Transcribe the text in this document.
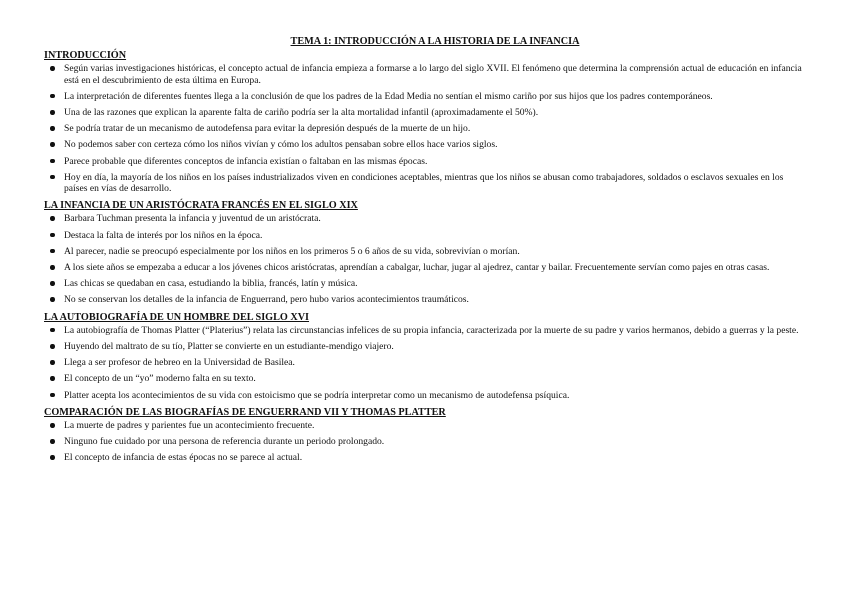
TEMA 1: INTRODUCCIÓN A LA HISTORIA DE LA INFANCIA
INTRODUCCIÓN
Según varias investigaciones históricas, el concepto actual de infancia empieza a formarse a lo largo del siglo XVII. El fenómeno que determina la comprensión actual de educación en infancia está en el descubrimiento de esta última en Europa.
La interpretación de diferentes fuentes llega a la conclusión de que los padres de la Edad Media no sentían el mismo cariño por sus hijos que los padres contemporáneos.
Una de las razones que explican la aparente falta de cariño podría ser la alta mortalidad infantil (aproximadamente el 50%).
Se podría tratar de un mecanismo de autodefensa para evitar la depresión después de la muerte de un hijo.
No podemos saber con certeza cómo los niños vivían y cómo los adultos pensaban sobre ellos hace varios siglos.
Parece probable que diferentes conceptos de infancia existían o faltaban en las mismas épocas.
Hoy en día, la mayoría de los niños en los países industrializados viven en condiciones aceptables, mientras que los niños se abusan como trabajadores, soldados o esclavos sexuales en los países en vías de desarrollo.
LA INFANCIA DE UN ARISTÓCRATA FRANCÉS EN EL SIGLO XIX
Barbara Tuchman presenta la infancia y juventud de un aristócrata.
Destaca la falta de interés por los niños en la época.
Al parecer, nadie se preocupó especialmente por los niños en los primeros 5 o 6 años de su vida, sobrevivían o morían.
A los siete años se empezaba a educar a los jóvenes chicos aristócratas, aprendían a cabalgar, luchar, jugar al ajedrez, cantar y bailar. Frecuentemente servían como pajes en otras casas.
Las chicas se quedaban en casa, estudiando la biblia, francés, latín y música.
No se conservan los detalles de la infancia de Enguerrand, pero hubo varios acontecimientos traumáticos.
LA AUTOBIOGRAFÍA DE UN HOMBRE DEL SIGLO XVI
La autobiografía de Thomas Platter (“Platerius”) relata las circunstancias infelices de su propia infancia, caracterizada por la muerte de su padre y varios hermanos, debido a guerras y la peste.
Huyendo del maltrato de su tío, Platter se convierte en un estudiante-mendigo viajero.
Llega a ser profesor de hebreo en la Universidad de Basilea.
El concepto de un “yo” moderno falta en su texto.
Platter acepta los acontecimientos de su vida con estoicismo que se podría interpretar como un mecanismo de autodefensa psíquica.
COMPARACIÓN DE LAS BIOGRAFÍAS DE ENGUERRAND VII Y THOMAS PLATTER
La muerte de padres y parientes fue un acontecimiento frecuente.
Ninguno fue cuidado por una persona de referencia durante un periodo prolongado.
El concepto de infancia de estas épocas no se parece al actual.
